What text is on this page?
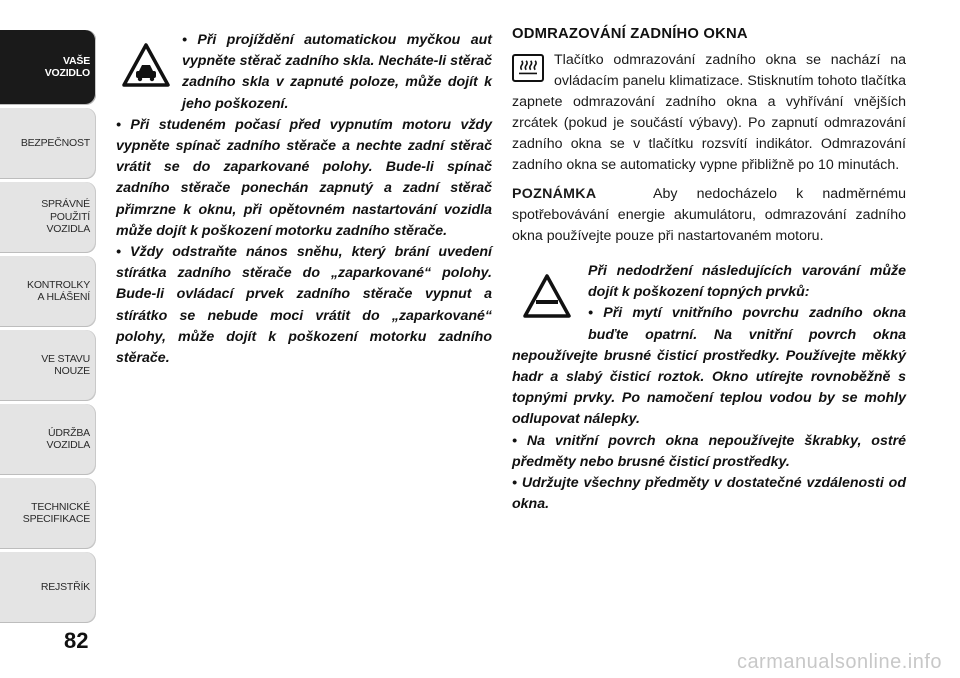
VAŠE
VOZIDLO
BEZPEČNOST
SPRÁVNÉ
POUŽITÍ
VOZIDLA
KONTROLKY
A HLÁŠENÍ
VE STAVU
NOUZE
ÚDRŽBA
VOZIDLA
TECHNICKÉ
SPECIFIKACE
REJSTŘÍK
82

• Při projíždění automatickou myčkou aut vypněte stěrač zadního skla. Necháte-li stěrač zadního skla v zapnuté poloze, může dojít k jeho poškození.

• Při studeném počasí před vypnutím motoru vždy vypněte spínač zadního stěrače a nechte zadní stěrač vrátit se do zaparkované polohy. Bude-li spínač zadního stěrače ponechán zapnutý a zadní stěrač přimrzne k oknu, při opětovném nastartování vozidla může dojít k poškození motorku zadního stěrače.

• Vždy odstraňte nános sněhu, který brání uvedení stírátka zadního stěrače do „zaparkované“ polohy. Bude-li ovládací prvek zadního stěrače vypnut a stírátko se nebude moci vrátit do „zaparkované“ polohy, může dojít k poškození motorku zadního stěrače.

ODMRAZOVÁNÍ ZADNÍHO OKNA

Tlačítko odmrazování zadního okna se nachází na ovládacím panelu klimatizace. Stisknutím tohoto tlačítka zapnete odmrazování zadního okna a vyhřívání vnějších zrcátek (pokud je součástí výbavy). Po zapnutí odmrazování zadního okna se v tlačítku rozsvítí indikátor. Odmrazování zadního okna se automaticky vypne přibližně po 10 minutách.

POZNÁMKA	Aby nedocházelo k nadměrnému spotřebovávání energie akumulátoru, odmrazování zadního okna používejte pouze při nastartovaném motoru.

Při nedodržení následujících varování může dojít k poškození topných prvků:

• Při mytí vnitřního povrchu zadního okna buďte opatrní. Na vnitřní povrch okna nepoužívejte brusné čisticí prostředky. Používejte měkký hadr a slabý čisticí roztok. Okno utírejte rovnoběžně s topnými prvky. Po namočení teplou vodou by se mohly odlupovat nálepky.

• Na vnitřní povrch okna nepoužívejte škrabky, ostré předměty nebo brusné čisticí prostředky.

• Udržujte všechny předměty v dostatečné vzdálenosti od okna.

carmanualsonline.info
